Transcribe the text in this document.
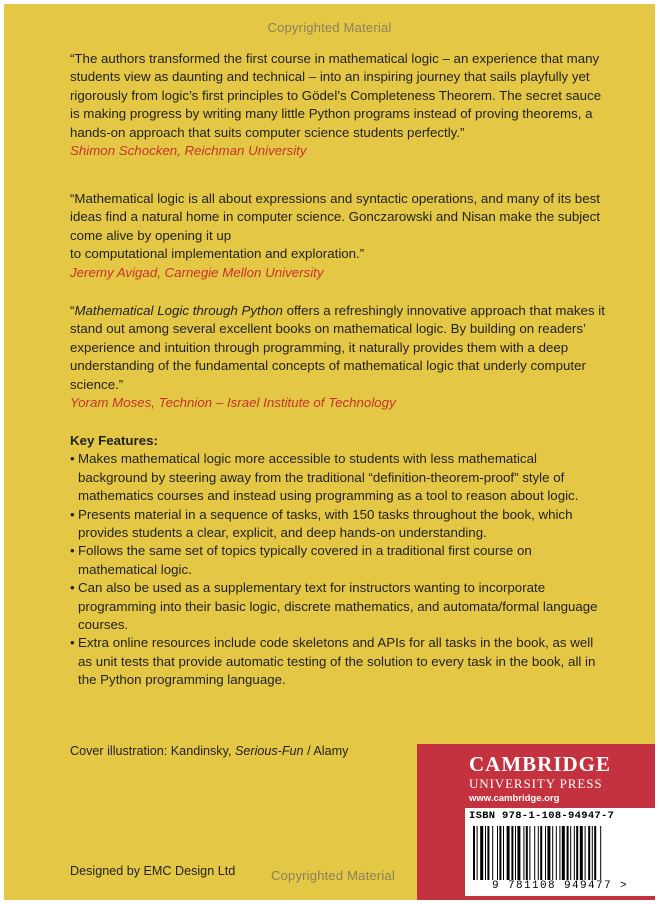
Copyrighted Material
“The authors transformed the first course in mathematical logic – an experience that many students view as daunting and technical – into an inspiring journey that sails playfully yet rigorously from logic’s first principles to Gödel’s Completeness Theorem. The secret sauce is making progress by writing many little Python programs instead of proving theorems, a hands-on approach that suits computer science students perfectly.”
Shimon Schocken, Reichman University
“Mathematical logic is all about expressions and syntactic operations, and many of its best ideas find a natural home in computer science. Gonczarowski and Nisan make the subject come alive by opening it up
to computational implementation and exploration.”
Jeremy Avigad, Carnegie Mellon University
“Mathematical Logic through Python offers a refreshingly innovative approach that makes it stand out among several excellent books on mathematical logic. By building on readers’ experience and intuition through programming, it naturally provides them with a deep understanding of the fundamental concepts of mathematical logic that underly computer science.”
Yoram Moses, Technion – Israel Institute of Technology
Key Features:
• Makes mathematical logic more accessible to students with less mathematical background by steering away from the traditional “definition-theorem-proof” style of mathematics courses and instead using programming as a tool to reason about logic.
• Presents material in a sequence of tasks, with 150 tasks throughout the book, which provides students a clear, explicit, and deep hands-on understanding.
• Follows the same set of topics typically covered in a traditional first course on mathematical logic.
• Can also be used as a supplementary text for instructors wanting to incorporate programming into their basic logic, discrete mathematics, and automata/formal language courses.
• Extra online resources include code skeletons and APIs for all tasks in the book, as well as unit tests that provide automatic testing of the solution to every task in the book, all in the Python programming language.
Cover illustration: Kandinsky, Serious-Fun / Alamy
Designed by EMC Design Ltd	Copyrighted Material
CAMBRIDGE
UNIVERSITY PRESS
www.cambridge.org
ISBN 978-1-108-94947-7
9 781108 949477 >
